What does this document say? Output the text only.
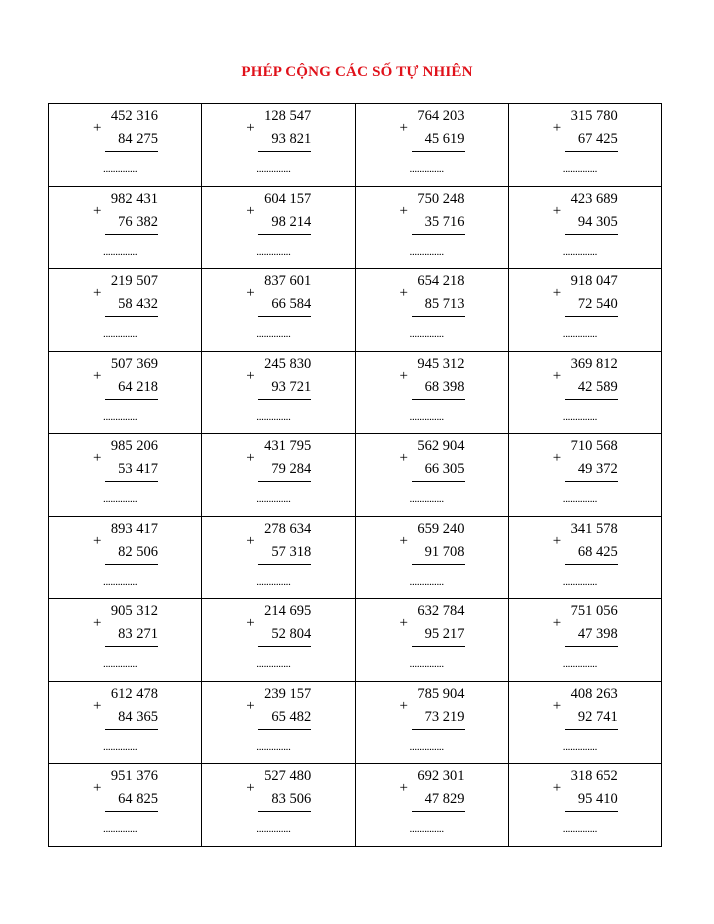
PHÉP CỘNG CÁC SỐ TỰ NHIÊN
452 316
+
84 275
..............
128 547
+
93 821
..............
764 203
+
45 619
..............
315 780
+
67 425
..............
982 431
+
76 382
..............
604 157
+
98 214
..............
750 248
+
35 716
..............
423 689
+
94 305
..............
219 507
+
58 432
..............
837 601
+
66 584
..............
654 218
+
85 713
..............
918 047
+
72 540
..............
507 369
+
64 218
..............
245 830
+
93 721
..............
945 312
+
68 398
..............
369 812
+
42 589
..............
985 206
+
53 417
..............
431 795
+
79 284
..............
562 904
+
66 305
..............
710 568
+
49 372
..............
893 417
+
82 506
..............
278 634
+
57 318
..............
659 240
+
91 708
..............
341 578
+
68 425
..............
905 312
+
83 271
..............
214 695
+
52 804
..............
632 784
+
95 217
..............
751 056
+
47 398
..............
612 478
+
84 365
..............
239 157
+
65 482
..............
785 904
+
73 219
..............
408 263
+
92 741
..............
951 376
+
64 825
..............
527 480
+
83 506
..............
692 301
+
47 829
..............
318 652
+
95 410
..............
